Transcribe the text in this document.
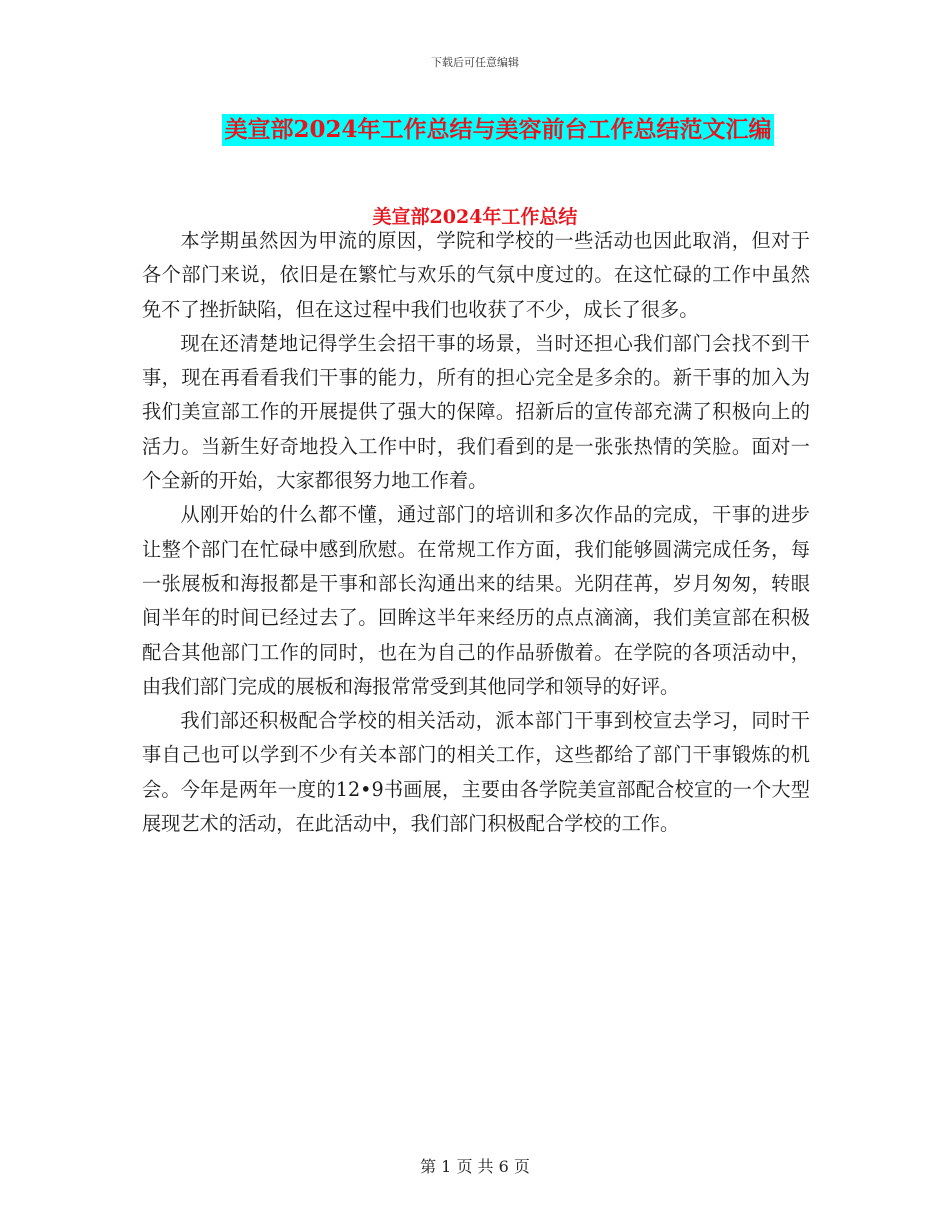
下载后可任意编辑
美宣部2024年工作总结与美容前台工作总结范文汇编
美宣部2024年工作总结

本学期虽然因为甲流的原因，学院和学校的一些活动也因此取消，但对于各个部门来说，依旧是在繁忙与欢乐的气氛中度过的。在这忙碌的工作中虽然免不了挫折缺陷，但在这过程中我们也收获了不少，成长了很多。

现在还清楚地记得学生会招干事的场景，当时还担心我们部门会找不到干事，现在再看看我们干事的能力，所有的担心完全是多余的。新干事的加入为我们美宣部工作的开展提供了强大的保障。招新后的宣传部充满了积极向上的活力。当新生好奇地投入工作中时，我们看到的是一张张热情的笑脸。面对一个全新的开始，大家都很努力地工作着。

从刚开始的什么都不懂，通过部门的培训和多次作品的完成，干事的进步让整个部门在忙碌中感到欣慰。在常规工作方面，我们能够圆满完成任务，每一张展板和海报都是干事和部长沟通出来的结果。光阴荏苒，岁月匆匆，转眼间半年的时间已经过去了。回眸这半年来经历的点点滴滴，我们美宣部在积极配合其他部门工作的同时，也在为自己的作品骄傲着。在学院的各项活动中，由我们部门完成的展板和海报常常受到其他同学和领导的好评。

我们部还积极配合学校的相关活动，派本部门干事到校宣去学习，同时干事自己也可以学到不少有关本部门的相关工作，这些都给了部门干事锻炼的机会。今年是两年一度的12•9书画展，主要由各学院美宣部配合校宣的一个大型展现艺术的活动，在此活动中，我们部门积极配合学校的工作。

第 1 页 共 6 页
